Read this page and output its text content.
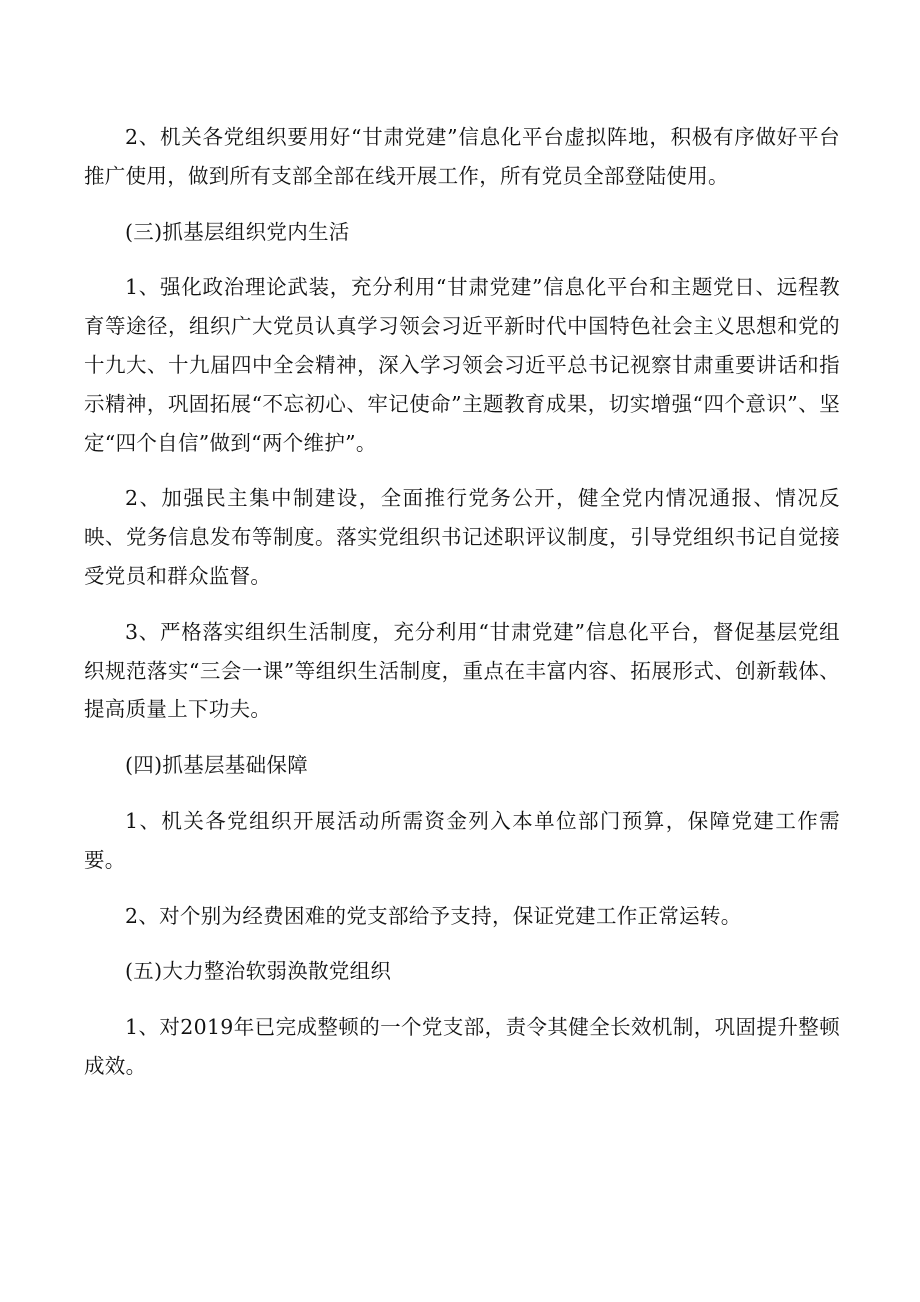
2、机关各党组织要用好“甘肃党建”信息化平台虚拟阵地，积极有序做好平台推广使用，做到所有支部全部在线开展工作，所有党员全部登陆使用。

(三)抓基层组织党内生活

1、强化政治理论武装，充分利用“甘肃党建”信息化平台和主题党日、远程教育等途径，组织广大党员认真学习领会习近平新时代中国特色社会主义思想和党的十九大、十九届四中全会精神，深入学习领会习近平总书记视察甘肃重要讲话和指示精神，巩固拓展“不忘初心、牢记使命”主题教育成果，切实增强“四个意识”、坚定“四个自信”做到“两个维护”。

2、加强民主集中制建设，全面推行党务公开，健全党内情况通报、情况反映、党务信息发布等制度。落实党组织书记述职评议制度，引导党组织书记自觉接受党员和群众监督。

3、严格落实组织生活制度，充分利用“甘肃党建”信息化平台，督促基层党组织规范落实“三会一课”等组织生活制度，重点在丰富内容、拓展形式、创新载体、提高质量上下功夫。

(四)抓基层基础保障

1、机关各党组织开展活动所需资金列入本单位部门预算，保障党建工作需要。

2、对个别为经费困难的党支部给予支持，保证党建工作正常运转。

(五)大力整治软弱涣散党组织

1、对2019年已完成整顿的一个党支部，责令其健全长效机制，巩固提升整顿成效。
